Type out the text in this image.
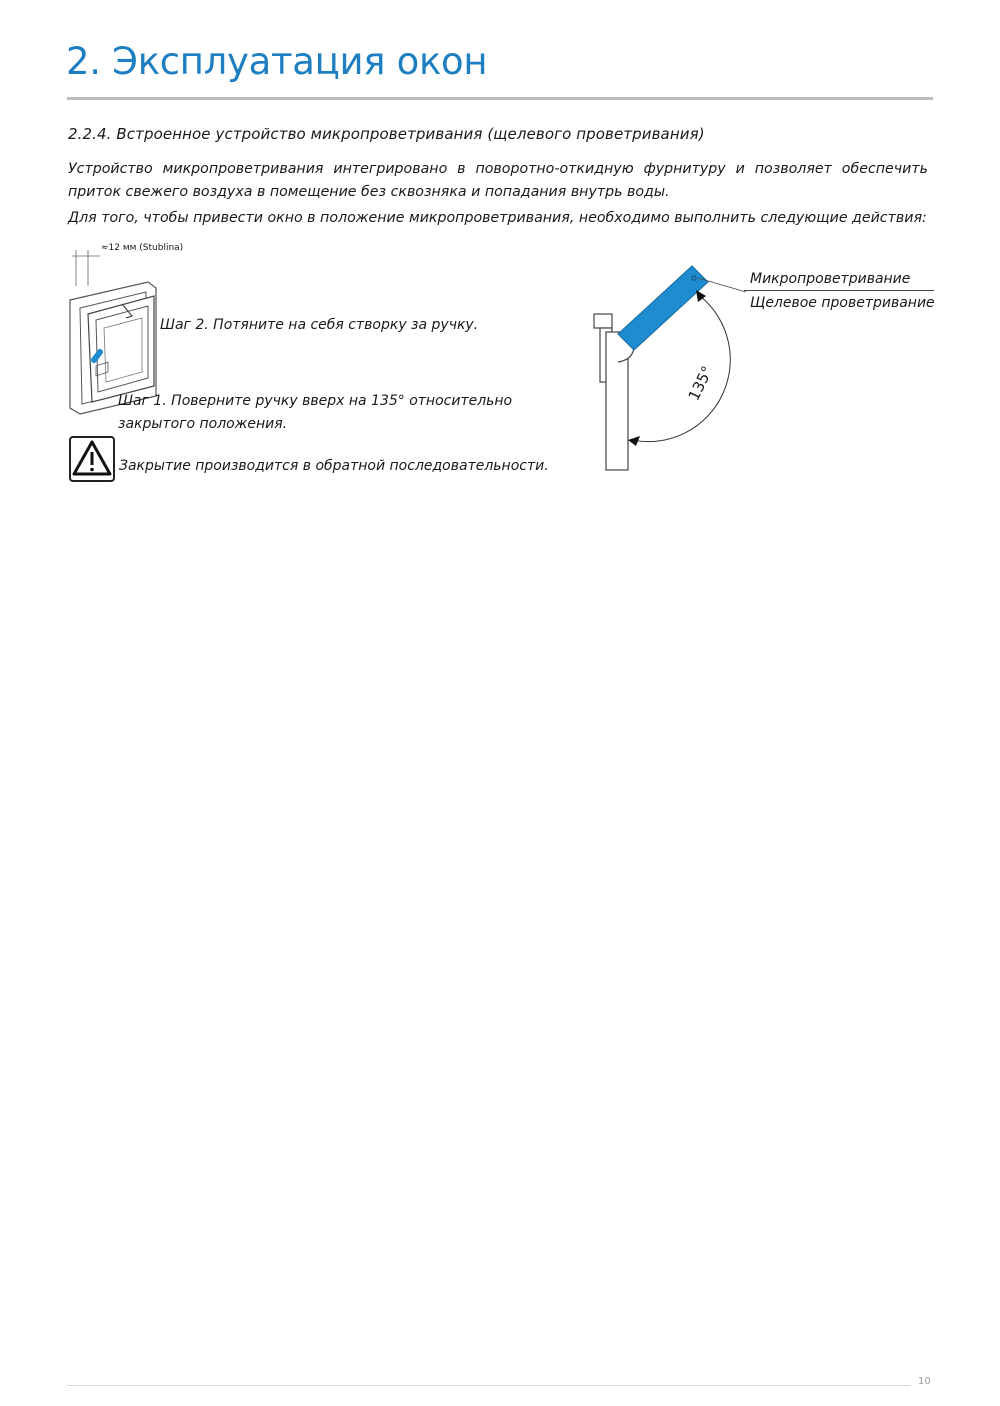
2. Эксплуатация окон
2.2.4. Встроенное устройство микропроветривания (щелевого проветривания)

Устройство микропроветривания интегрировано в поворотно-откидную фурнитуру и позволяет обеспечить приток свежего воздуха в помещение без сквозняка и попадания внутрь воды.

Для того, чтобы привести окно в положение микропроветривания, необходимо выполнить следующие действия:

≈12 мм (Stublina)

Шаг 2. Потяните на себя створку за ручку.

Шаг 1. Поверните ручку вверх на 135° относительно закрытого положения.

Закрытие производится в обратной последовательности.

135°

Микропроветривание

Щелевое проветривание

10
